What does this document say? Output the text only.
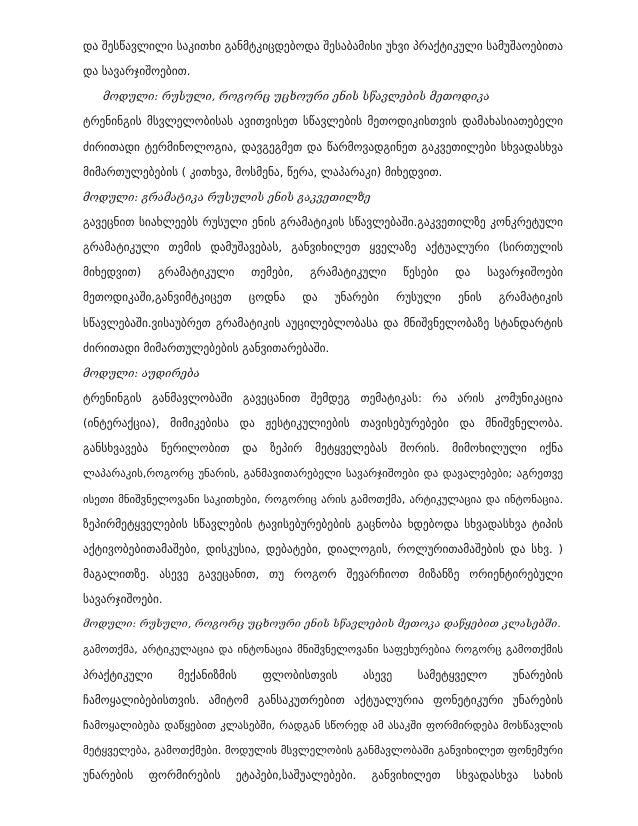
და შესწავლილი საკითხი განმტკიცდებოდა შესაბამისი უხვი პრაქტიკული სამუშაოებითა
და სავარჯიშოებით.
მოდული: რუსული, როგორც უცხოური ენის სწავლების მეთოდიკა
ტრენინგის მსვლელობისას ავითვისეთ სწავლების მეთოდიკისთვის დამახასიათებელი
ძირითადი ტერმინოლოგია, დავგეგმეთ და წარმოვადგინეთ გაკვეთილები სხვადასხვა
მიმართულებების ( კითხვა, მოსმენა, წერა, ლაპარაკი) მიხედვით.
მოდული: გრამატიკა რუსულის ენის გაკვეთილზე
გავეცნით სიახლეებს რუსული ენის გრამატიკის სწავლებაში.გაკვეთილზე კონკრეტული
გრამატიკული თემის დამუშავებას, განვიხილეთ ყველაზე აქტუალური (სირთულის
მიხედვით) გრამატიკული თემები, გრამატიკული წესები და სავარჯიშოები
მეთოდიკაში,განვიმტკიცეთ ცოდნა და უნარები რუსული ენის გრამატიკის
სწავლებაში.ვისაუბრეთ გრამატიკის აუცილებლობასა და მნიშვნელობაზე სტანდარტის
ძირითადი მიმართულებების განვითარებაში.
მოდული: აუდირება
ტრენინგის განმავლობაში გავეცანით შემდეგ თემატიკას: რა არის კომუნიკაცია
(ინტერაქცია), მიმიკებისა და ჟესტიკულიების თავისებურებები და მნიშვნელობა.
განსხვავება წერილობით და ზეპირ მეტყველებას შორის. მიმოხილული იქნა
ლაპარაკის,როგორც უნარის, განმავითარებელი სავარჯიშოები და დავალებები; აგრეთვე
ისეთი მნიშვნელოვანი საკითხები, როგორიც არის გამოთქმა, არტიკულაცია და ინტონაცია.
ზეპირმეტყველების სწავლების ტავისებურებების გაცნობა ხდებოდა სხვადასხვა ტიპის
აქტივობებითამაშები, დისკუსია, დებატები, დიალოგის, როლურითამაშების და სხვ. )
მაგალითზე. ასევე გავეცანით, თუ როგორ შევარჩიოთ მიზანზე ორიენტირებული
სავარჯიშოები.
მოდული: რუსული, როგორც უცხოური ენის სწავლების მეთოკა დაწყებით კლასებში.
გამოთქმა, არტიკულაცია და ინტონაცია მნიშვნელოვანი საფეხურებია როგორც გამოთქმის
პრაქტიკული მექანიზმის ფლობისთვის ასევე სამეტყველო უნარების
ჩამოყალიბებისთვის. ამიტომ განსაკუთრებით აქტუალურია ფონეტიკური უნარების
ჩამოყალიბება დაწყებით კლასებში, რადგან სწორედ ამ ასაკში ფორმირდება მოსწავლის
მეტყველება, გამოთქმები. მოდულის მსვლელობის განმავლობაში განვიხილეთ ფონემური
უნარების ფორმირების ეტაპები,საშუალებები. განვიხილეთ სხვადასხვა სახის
